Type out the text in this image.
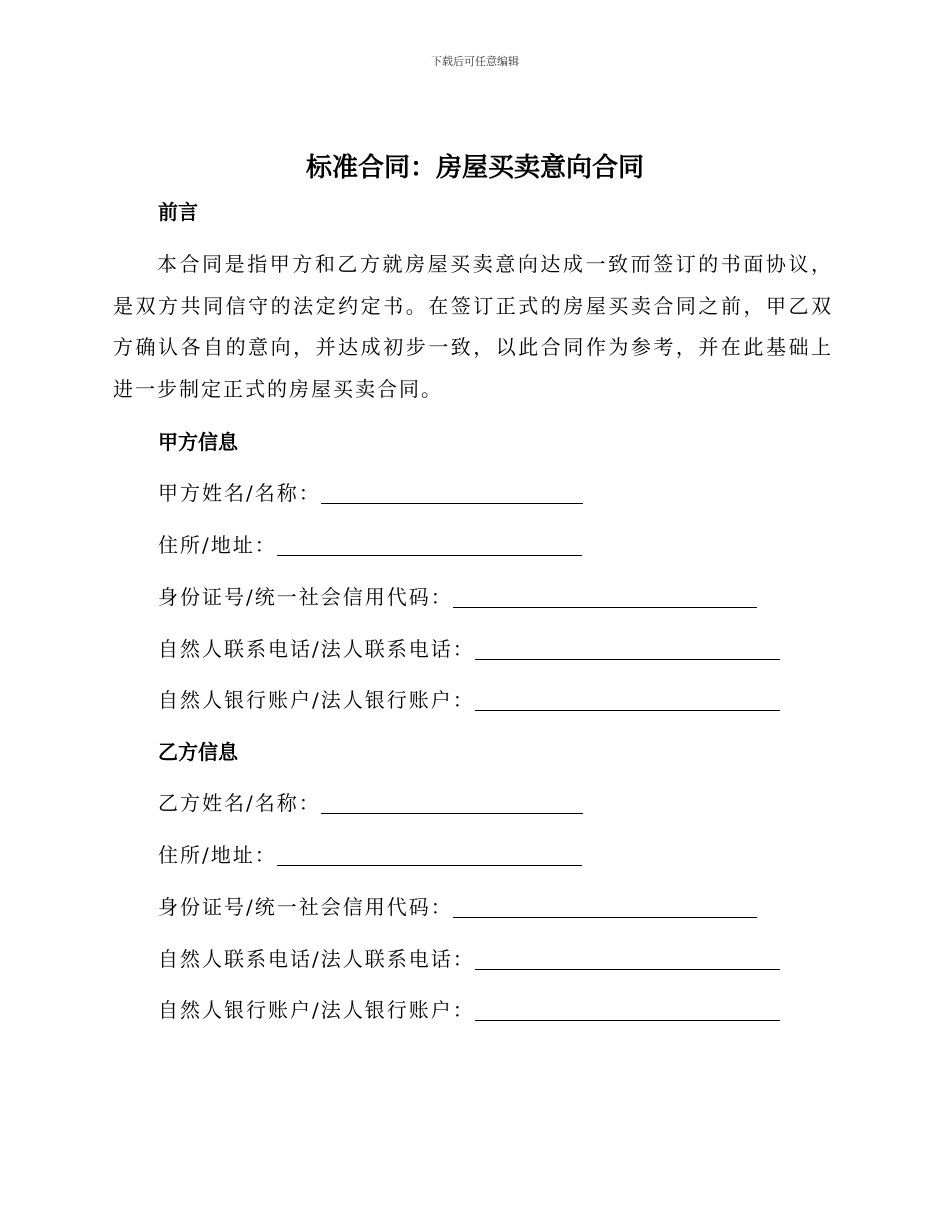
下载后可任意编辑
标准合同：房屋买卖意向合同
前言

本合同是指甲方和乙方就房屋买卖意向达成一致而签订的书面协议，是双方共同信守的法定约定书。在签订正式的房屋买卖合同之前，甲乙双方确认各自的意向，并达成初步一致，以此合同作为参考，并在此基础上进一步制定正式的房屋买卖合同。

甲方信息
甲方姓名/名称：
住所/地址：
身份证号/统一社会信用代码：
自然人联系电话/法人联系电话：
自然人银行账户/法人银行账户：
乙方信息
乙方姓名/名称：
住所/地址：
身份证号/统一社会信用代码：
自然人联系电话/法人联系电话：
自然人银行账户/法人银行账户：
